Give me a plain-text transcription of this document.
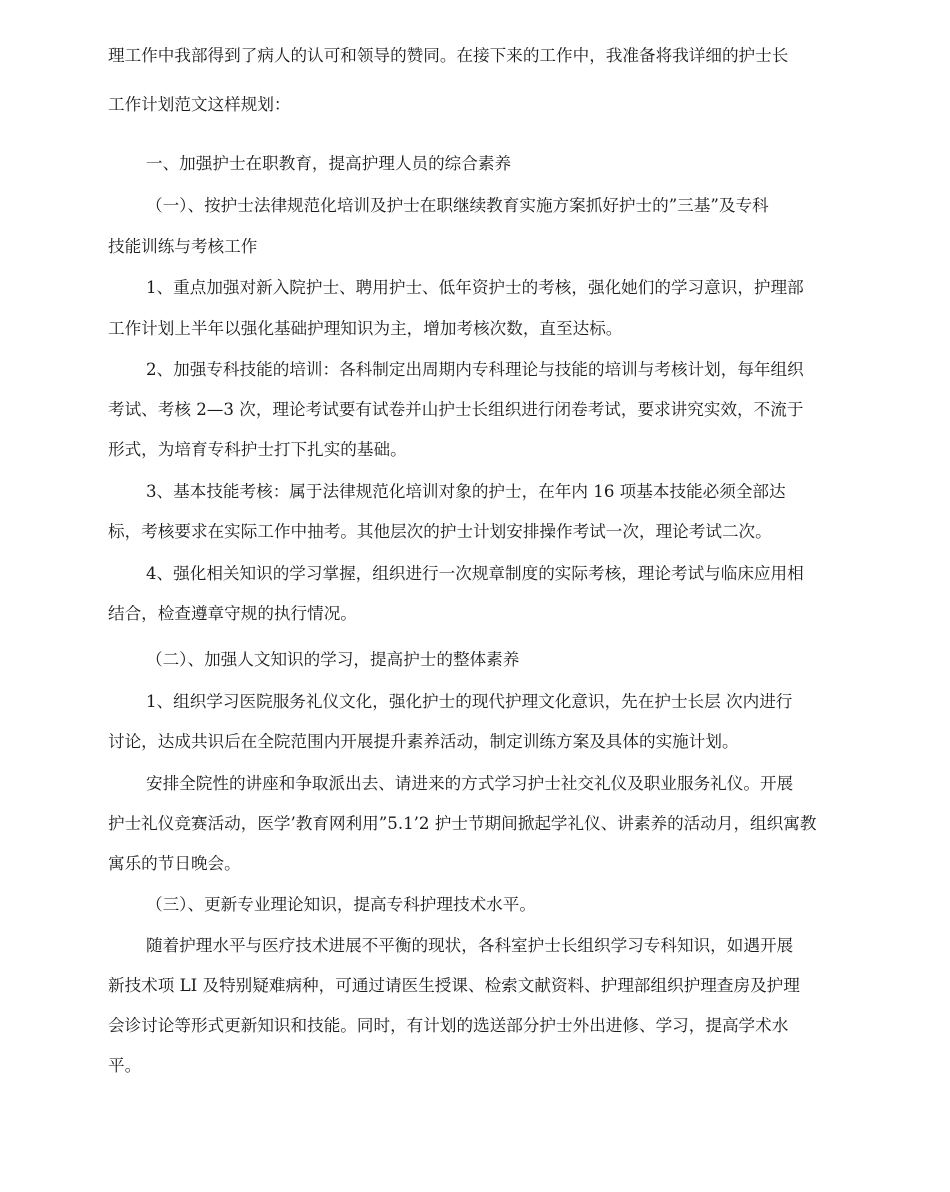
理工作中我部得到了病人的认可和领导的赞同。在接下来的工作中，我准备将我详细的护士长
工作计划范文这样规划：
一、加强护士在职教育，提高护理人员的综合素养
（一）、按护士法律规范化培训及护士在职继续教育实施方案抓好护士的”三基”及专科
技能训练与考核工作
1、重点加强对新入院护士、聘用护士、低年资护士的考核，强化她们的学习意识，护理部
工作计划上半年以强化基础护理知识为主，增加考核次数，直至达标。
2、加强专科技能的培训：各科制定出周期内专科理论与技能的培训与考核计划，每年组织
考试、考核 2—3 次，理论考试要有试卷并山护士长组织进行闭卷考试，要求讲究实效，不流于
形式，为培育专科护士打下扎实的基础。
3、基本技能考核：属于法律规范化培训对象的护士，在年内 16 项基本技能必须全部达
标，考核要求在实际工作中抽考。其他层次的护士计划安排操作考试一次，理论考试二次。
4、强化相关知识的学习掌握，组织进行一次规章制度的实际考核，理论考试与临床应用相
结合，检查遵章守规的执行情况。
（二）、加强人文知识的学习，提高护士的整体素养
1、组织学习医院服务礼仪文化，强化护士的现代护理文化意识，先在护士长层 次内进行
讨论，达成共识后在全院范围内开展提升素养活动，制定训练方案及具体的实施计划。
安排全院性的讲座和争取派出去、请进来的方式学习护士社交礼仪及职业服务礼仪。开展
护士礼仪竞赛活动，医学’教育网利用”5.1’2 护士节期间掀起学礼仪、讲素养的活动月，组织寓教
寓乐的节日晚会。
（三）、更新专业理论知识，提高专科护理技术水平。
随着护理水平与医疗技术进展不平衡的现状，各科室护士长组织学习专科知识，如遇开展
新技术项 LI 及特别疑难病种，可通过请医生授课、检索文献资料、护理部组织护理查房及护理
会诊讨论等形式更新知识和技能。同时，有计划的选送部分护士外出进修、学习，提高学术水
平。
